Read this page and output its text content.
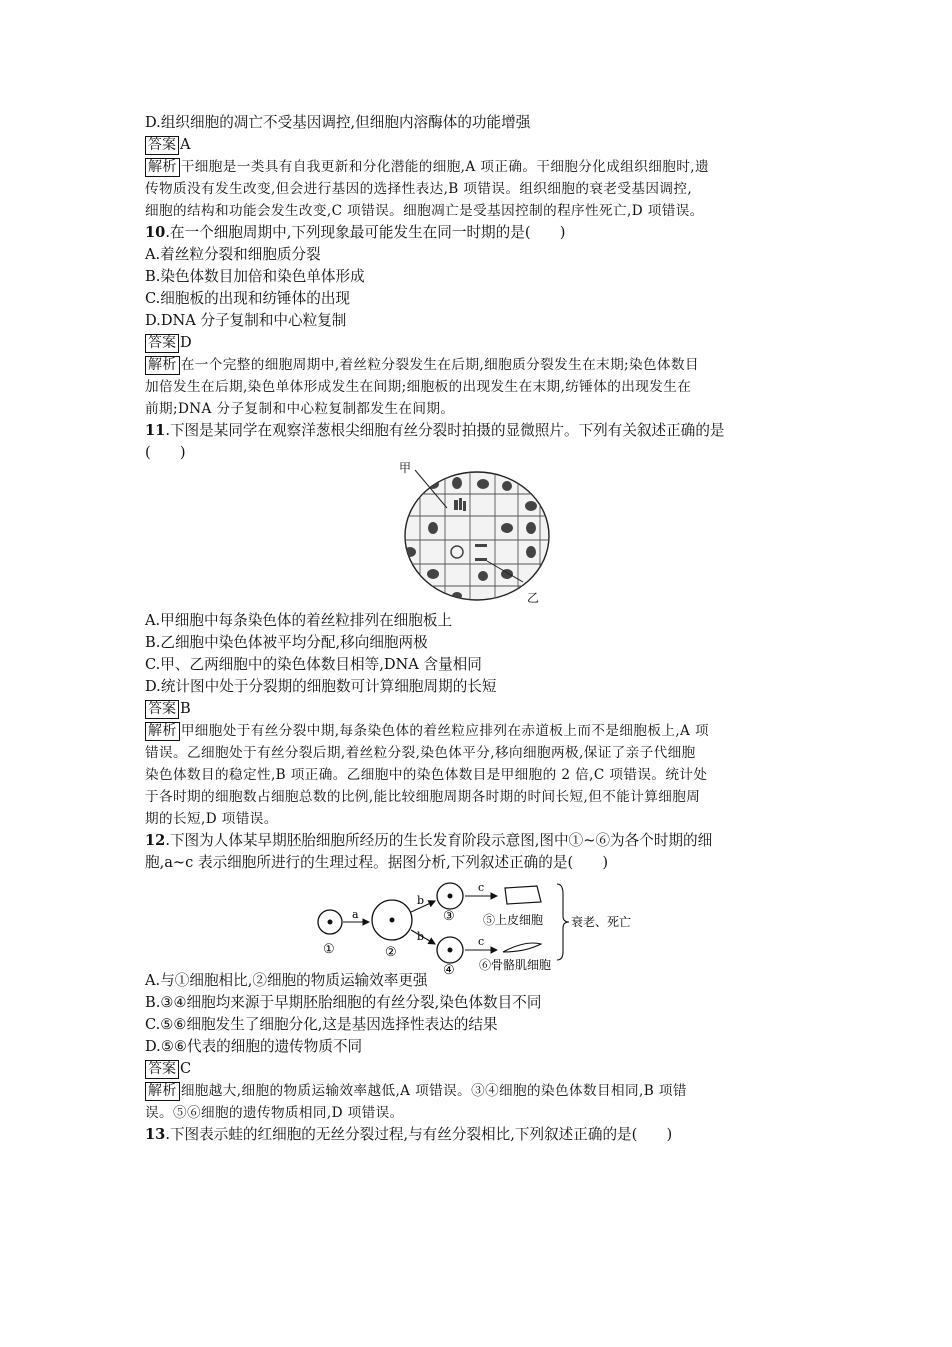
D.组织细胞的凋亡不受基因调控,但细胞内溶酶体的功能增强
答案 A
解析 干细胞是一类具有自我更新和分化潜能的细胞,A 项正确。干细胞分化成组织细胞时,遗
传物质没有发生改变,但会进行基因的选择性表达,B 项错误。组织细胞的衰老受基因调控,
细胞的结构和功能会发生改变,C 项错误。细胞凋亡是受基因控制的程序性死亡,D 项错误。
10.在一个细胞周期中,下列现象最可能发生在同一时期的是(　　)
A.着丝粒分裂和细胞质分裂
B.染色体数目加倍和染色单体形成
C.细胞板的出现和纺锤体的出现
D.DNA 分子复制和中心粒复制
答案 D
解析 在一个完整的细胞周期中,着丝粒分裂发生在后期,细胞质分裂发生在末期;染色体数目
加倍发生在后期,染色单体形成发生在间期;细胞板的出现发生在末期,纺锤体的出现发生在
前期;DNA 分子复制和中心粒复制都发生在间期。
11.下图是某同学在观察洋葱根尖细胞有丝分裂时拍摄的显微照片。下列有关叙述正确的是
(　　)
甲
乙
A.甲细胞中每条染色体的着丝粒排列在细胞板上
B.乙细胞中染色体被平均分配,移向细胞两极
C.甲、乙两细胞中的染色体数目相等,DNA 含量相同
D.统计图中处于分裂期的细胞数可计算细胞周期的长短
答案 B
解析 甲细胞处于有丝分裂中期,每条染色体的着丝粒应排列在赤道板上而不是细胞板上,A 项
错误。乙细胞处于有丝分裂后期,着丝粒分裂,染色体平分,移向细胞两极,保证了亲子代细胞
染色体数目的稳定性,B 项正确。乙细胞中的染色体数目是甲细胞的 2 倍,C 项错误。统计处
于各时期的细胞数占细胞总数的比例,能比较细胞周期各时期的时间长短,但不能计算细胞周
期的长短,D 项错误。
12.下图为人体某早期胚胎细胞所经历的生长发育阶段示意图,图中①~⑥为各个时期的细
胞,a~c 表示细胞所进行的生理过程。据图分析,下列叙述正确的是(　　)
a
b
b
c
c
①	②
③
④
⑤上皮细胞
⑥骨骼肌细胞
衰老、死亡
A.与①细胞相比,②细胞的物质运输效率更强
B.③④细胞均来源于早期胚胎细胞的有丝分裂,染色体数目不同
C.⑤⑥细胞发生了细胞分化,这是基因选择性表达的结果
D.⑤⑥代表的细胞的遗传物质不同
答案 C
解析 细胞越大,细胞的物质运输效率越低,A 项错误。③④细胞的染色体数目相同,B 项错
误。⑤⑥细胞的遗传物质相同,D 项错误。
13.下图表示蛙的红细胞的无丝分裂过程,与有丝分裂相比,下列叙述正确的是(　　)
